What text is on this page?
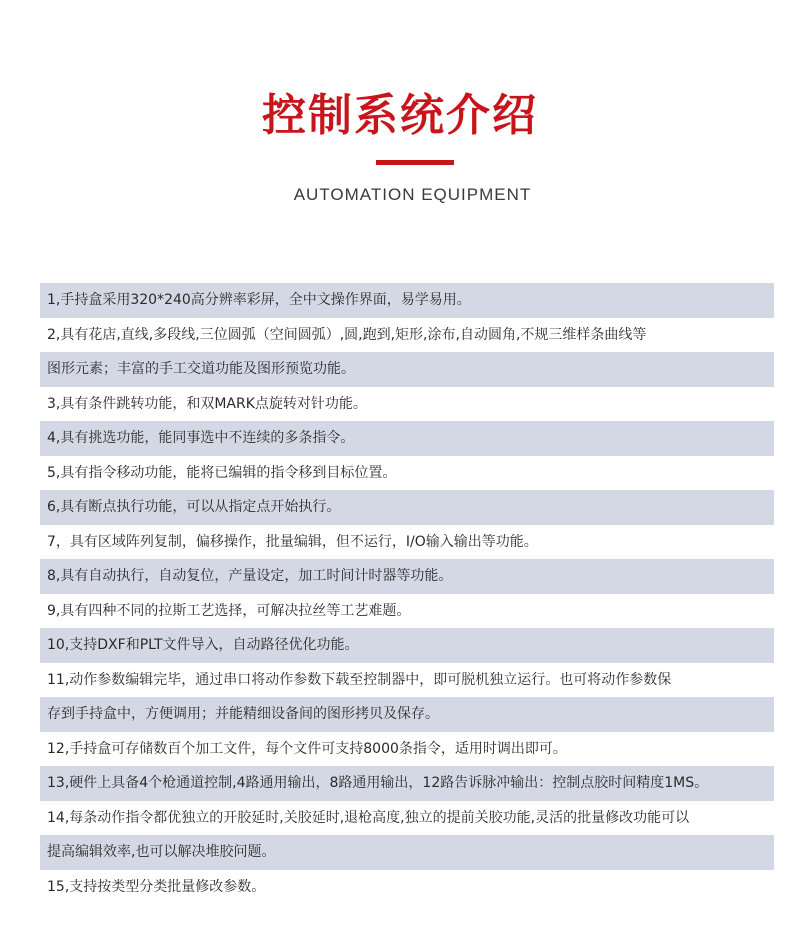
控制系统介绍
AUTOMATION EQUIPMENT
1,手持盒采用320*240高分辨率彩屏，全中文操作界面，易学易用。
2,具有花店,直线,多段线,三位圆弧（空间圆弧）,圆,跑到,矩形,涂布,自动圆角,不规三维样条曲线等
图形元素；丰富的手工交道功能及图形预览功能。
3,具有条件跳转功能，和双MARK点旋转对针功能。
4,具有挑选功能，能同事选中不连续的多条指令。
5,具有指令移动功能，能将已编辑的指令移到目标位置。
6,具有断点执行功能，可以从指定点开始执行。
7，具有区域阵列复制，偏移操作，批量编辑，但不运行，I/O输入输出等功能。
8,具有自动执行，自动复位，产量设定，加工时间计时器等功能。
9,具有四种不同的拉斯工艺选择，可解决拉丝等工艺难题。
10,支持DXF和PLT文件导入，自动路径优化功能。
11,动作参数编辑完毕，通过串口将动作参数下载至控制器中，即可脱机独立运行。也可将动作参数保
存到手持盒中，方便调用；并能精细设备间的图形拷贝及保存。
12,手持盒可存储数百个加工文件，每个文件可支持8000条指令，适用时调出即可。
13,硬件上具备4个枪通道控制,4路通用输出，8路通用输出，12路告诉脉冲输出：控制点胶时间精度1MS。
14,每条动作指令都优独立的开胶延时,关胶延时,退枪高度,独立的提前关胶功能,灵活的批量修改功能可以
提高编辑效率,也可以解决堆胶问题。
15,支持按类型分类批量修改参数。
